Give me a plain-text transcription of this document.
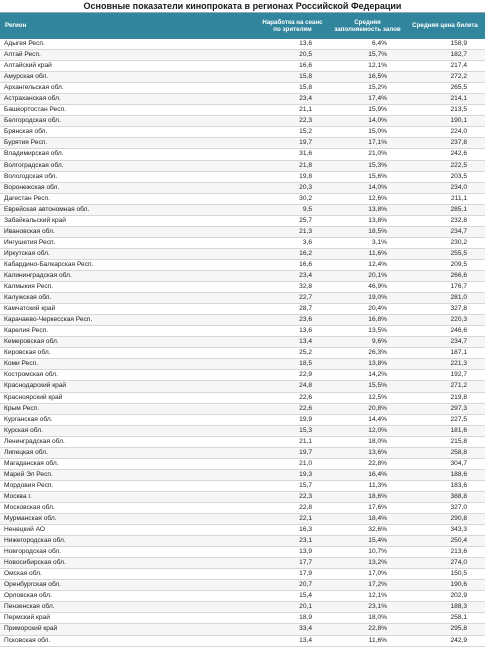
Основные показатели кинопроката в регионах Российской Федерации
Регион	Наработка на сеанс по зрителям	Средняя заполняемость залов	Средняя цена билета
Адыгея Респ.	13,6	6,4%	158,9
Алтай Респ.	20,5	15,7%	182,7
Алтайский край	16,6	12,1%	217,4
Амурская обл.	15,8	16,5%	272,2
Архангельская обл.	15,8	15,2%	265,5
Астраханская обл.	23,4	17,4%	214,1
Башкортостан Респ.	21,1	15,9%	213,5
Белгородская обл.	22,3	14,0%	190,1
Брянская обл.	15,2	15,0%	224,0
Бурятия Респ.	19,7	17,1%	237,8
Владимирская обл.	31,6	21,0%	242,6
Волгоградская обл.	21,8	15,3%	222,5
Вологодская обл.	19,8	15,6%	203,5
Воронежская обл.	20,3	14,0%	234,0
Дагестан Респ.	30,2	12,6%	211,1
Еврейская автономная обл.	9,5	13,8%	285,1
Забайкальский край	25,7	13,8%	232,8
Ивановская обл.	21,3	18,5%	234,7
Ингушетия Респ.	3,6	3,1%	230,2
Иркутская обл.	16,2	11,6%	255,5
Кабардино-Балкарская Респ.	16,6	12,4%	209,5
Калининградская обл.	23,4	20,1%	266,6
Калмыкия Респ.	32,8	46,9%	176,7
Калужская обл.	22,7	19,0%	281,0
Камчатский край	28,7	20,4%	327,8
Карачаево-Черкесская Респ.	23,6	16,8%	220,3
Карелия Респ.	13,6	13,5%	246,6
Кемеровская обл.	13,4	9,6%	234,7
Кировская обл.	25,2	26,3%	187,1
Коми Респ.	18,5	13,8%	221,3
Костромская обл.	22,9	14,2%	192,7
Краснодарский край	24,8	15,5%	271,2
Красноярский край	22,6	12,5%	219,8
Крым Респ.	22,6	20,8%	297,3
Курганская обл.	19,9	14,4%	227,5
Курская обл.	15,3	12,0%	181,6
Ленинградская обл.	21,1	18,0%	215,8
Липецкая обл.	19,7	13,6%	258,8
Магаданская обл.	21,0	22,8%	304,7
Марий Эл Респ.	19,3	16,4%	188,6
Мордовия Респ.	15,7	11,3%	183,6
Москва г.	22,3	18,6%	388,8
Московская обл.	22,8	17,6%	327,0
Мурманская обл.	22,1	18,4%	290,8
Ненецкий АО	16,3	32,6%	343,3
Нижегородская обл.	23,1	15,4%	250,4
Новгородская обл.	13,9	10,7%	213,6
Новосибирская обл.	17,7	13,2%	274,0
Омская обл.	17,9	17,0%	150,5
Оренбургская обл.	20,7	17,2%	190,6
Орловская обл.	15,4	12,1%	202,9
Пензенская обл.	20,1	23,1%	188,3
Пермский край	18,9	18,0%	258,1
Приморский край	33,4	22,8%	295,8
Псковская обл.	13,4	11,6%	242,9
